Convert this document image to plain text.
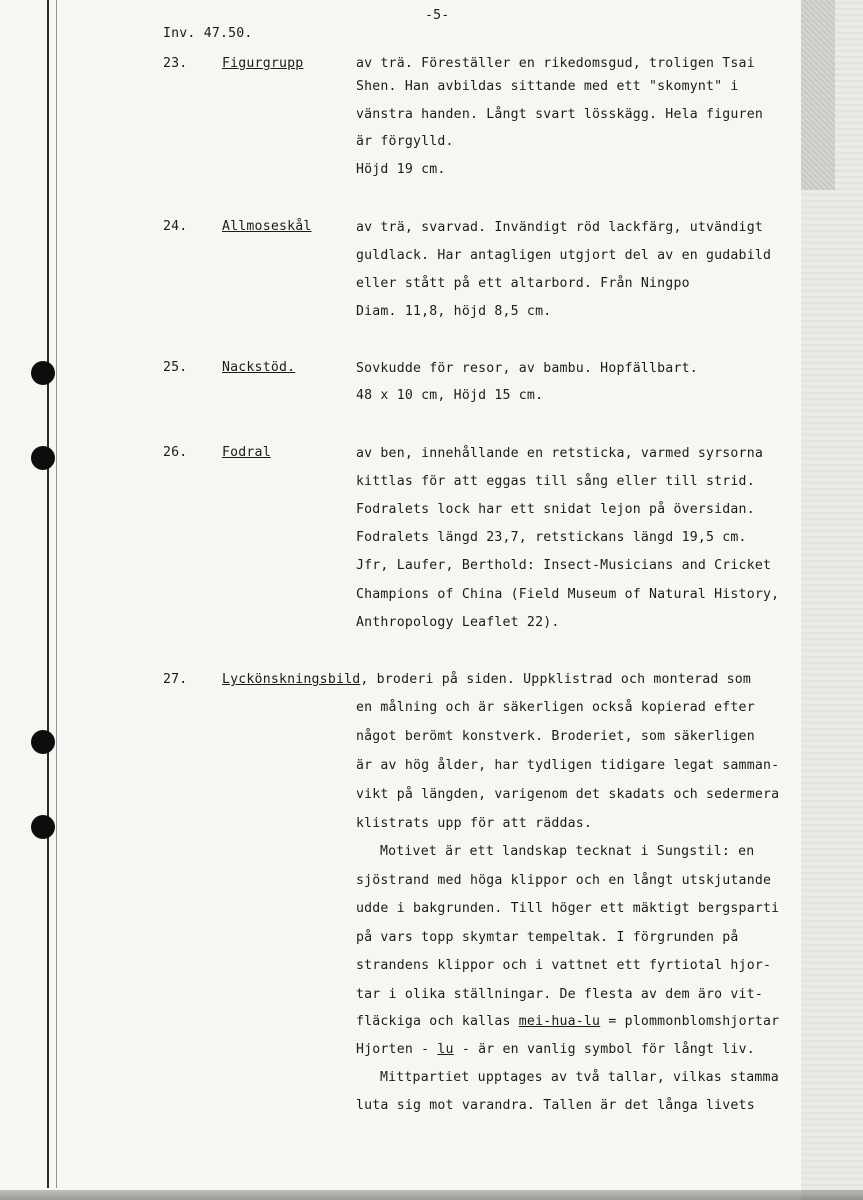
Inv. 47.50.
-5-
23.	Figurgrupp	av trä. Föreställer en rikedomsgud, troligen Tsai
Shen. Han avbildas sittande med ett "skomynt" i
vänstra handen. Långt svart lösskägg. Hela figuren
är förgylld.
Höjd 19 cm.
24.	Allmoseskål	av trä, svarvad. Invändigt röd lackfärg, utvändigt
guldlack. Har antagligen utgjort del av en gudabild
eller stått på ett altarbord. Från Ningpo
Diam. 11,8, höjd 8,5 cm.
25.	Nackstöd.	Sovkudde för resor, av bambu. Hopfällbart.
48 x 10 cm, Höjd 15 cm.
26.	Fodral	av ben, innehållande en retsticka, varmed syrsorna
kittlas för att eggas till sång eller till strid.
Fodralets lock har ett snidat lejon på översidan.
Fodralets längd 23,7, retstickans längd 19,5 cm.
Jfr, Laufer, Berthold: Insect-Musicians and Cricket
Champions of China (Field Museum of Natural History,
Anthropology Leaflet 22).
27.	Lyckönskningsbild, broderi på siden. Uppklistrad och monterad som
en målning och är säkerligen också kopierad efter
något berömt konstverk. Broderiet, som säkerligen
är av hög ålder, har tydligen tidigare legat samman-
vikt på längden, varigenom det skadats och sedermera
klistrats upp för att räddas.
Motivet är ett landskap tecknat i Sungstil: en
sjöstrand med höga klippor och en långt utskjutande
udde i bakgrunden. Till höger ett mäktigt bergsparti
på vars topp skymtar tempeltak. I förgrunden på
strandens klippor och i vattnet ett fyrtiotal hjor-
tar i olika ställningar. De flesta av dem äro vit-
fläckiga och kallas mei-hua-lu = plommonblomshjortar
Hjorten - lu - är en vanlig symbol för långt liv.
Mittpartiet upptages av två tallar, vilkas stamma
luta sig mot varandra. Tallen är det långa livets
